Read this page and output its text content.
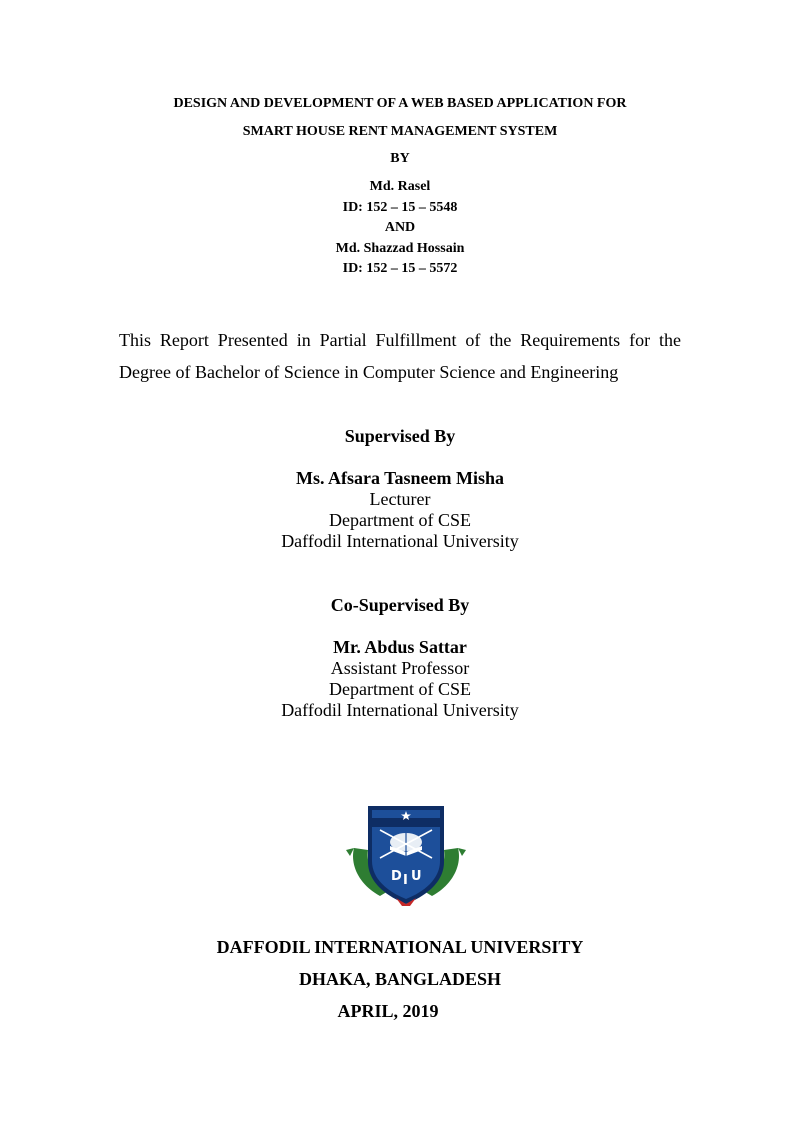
DESIGN AND DEVELOPMENT OF A WEB BASED APPLICATION FOR
SMART HOUSE RENT MANAGEMENT SYSTEM
BY
Md. Rasel
ID: 152 – 15 – 5548
AND
Md. Shazzad Hossain
ID: 152 – 15 – 5572
This Report Presented in Partial Fulfillment of the Requirements for the
Degree of Bachelor of Science in Computer Science and Engineering
Supervised By
Ms. Afsara Tasneem Misha
Lecturer
Department of CSE
Daffodil International University
Co-Supervised By
Mr. Abdus Sattar
Assistant Professor
Department of CSE
Daffodil International University
D I U
DAFFODIL INTERNATIONAL UNIVERSITY
DHAKA, BANGLADESH
APRIL, 2019
